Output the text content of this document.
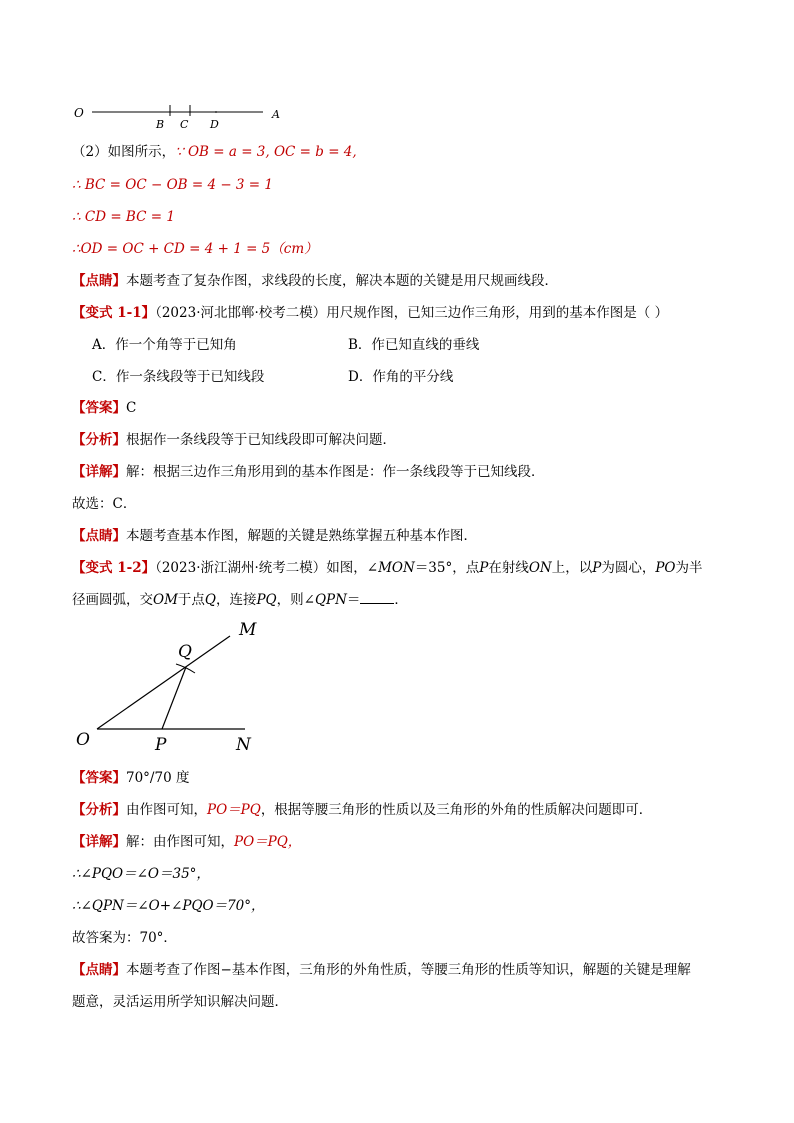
O
B C D
A
（2）如图所示，∵ OB = a = 3, OC = b = 4,
∴ BC = OC − OB = 4 − 3 = 1
∴ CD = BC = 1
∴OD = OC + CD = 4 + 1 = 5（cm）
【点睛】本题考查了复杂作图，求线段的长度，解决本题的关键是用尺规画线段．
【变式 1-1】（2023·河北邯郸·校考二模）用尺规作图，已知三边作三角形，用到的基本作图是（ ）
A．作一个角等于已知角	B．作已知直线的垂线
C．作一条线段等于已知线段	D．作角的平分线
【答案】C
【分析】根据作一条线段等于已知线段即可解决问题．
【详解】解：根据三边作三角形用到的基本作图是：作一条线段等于已知线段．
故选：C．
【点睛】本题考查基本作图，解题的关键是熟练掌握五种基本作图．
【变式 1-2】（2023·浙江湖州·统考二模）如图，∠MON＝35°，点P在射线ON上，以P为圆心，PO为半
径画圆弧，交OM于点Q，连接PQ，则∠QPN＝	．
M
Q
O	P	N
【答案】70°/70 度
【分析】由作图可知，PO＝PQ，根据等腰三角形的性质以及三角形的外角的性质解决问题即可．
【详解】解：由作图可知，PO＝PQ，
∴∠PQO＝∠O＝35°，
∴∠QPN＝∠O+∠PQO＝70°，
故答案为：70°．
【点睛】本题考查了作图−基本作图，三角形的外角性质，等腰三角形的性质等知识，解题的关键是理解
题意，灵活运用所学知识解决问题．
